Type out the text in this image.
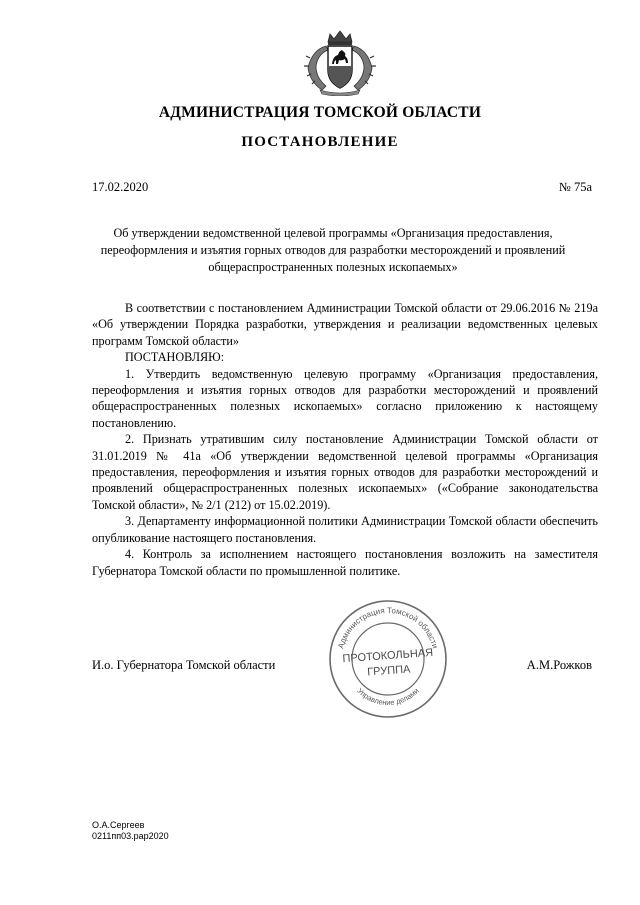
АДМИНИСТРАЦИЯ ТОМСКОЙ ОБЛАСТИ
ПОСТАНОВЛЕНИЕ
17.02.2020	№ 75а

Об утверждении ведомственной целевой программы «Организация предоставления, переоформления и изъятия горных отводов для разработки месторождений и проявлений общераспространенных полезных ископаемых»

В соответствии с постановлением Администрации Томской области от 29.06.2016 № 219а «Об утверждении Порядка разработки, утверждения и реализации ведомственных целевых программ Томской области»

ПОСТАНОВЛЯЮ:

1. Утвердить ведомственную целевую программу «Организация предоставления, переоформления и изъятия горных отводов для разработки месторождений и проявлений общераспространенных полезных ископаемых» согласно приложению к настоящему постановлению.

2. Признать утратившим силу постановление Администрации Томской области от 31.01.2019 № 41а «Об утверждении ведомственной целевой программы «Организация предоставления, переоформления и изъятия горных отводов для разработки месторождений и проявлений общераспространенных полезных ископаемых» («Собрание законодательства Томской области», № 2/1 (212) от 15.02.2019).

3. Департаменту информационной политики Администрации Томской области обеспечить опубликование настоящего постановления.

4. Контроль за исполнением настоящего постановления возложить на заместителя Губернатора Томской области по промышленной политике.

И.о. Губернатора Томской области	А.М.Рожков
Администрация Томской области
Управление делами
ПРОТОКОЛЬНАЯ
ГРУППА
О.А.Сергеев
0211пп03.рар2020
